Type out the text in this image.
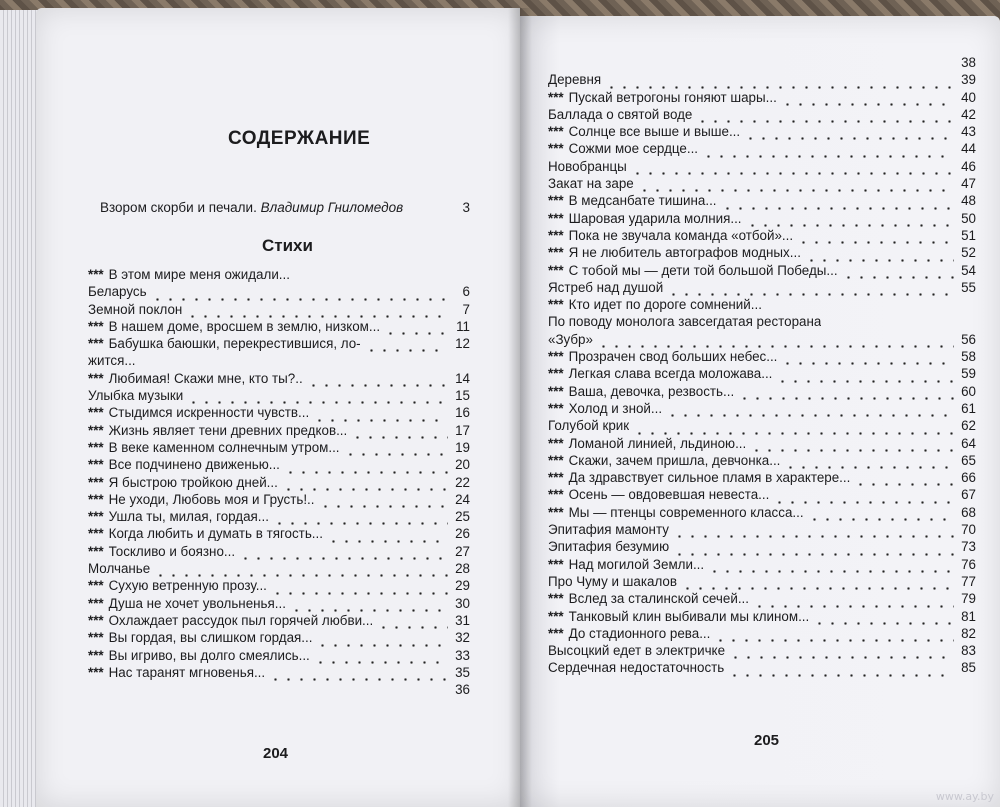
СОДЕРЖАНИЕ
Взором скорби и печали. Владимир Гниломедов	3
Стихи
*** В этом мире меня ожидали...
Беларусь	6
Земной поклон	7
*** В нашем доме, вросшем в землю, низком...	11
*** Бабушка баюшки, перекрестившися, ло-	12
жится...
*** Любимая! Скажи мне, кто ты?..	14
Улыбка музыки	15
*** Стыдимся искренности чувств...	16
*** Жизнь являет тени древних предков...	17
*** В веке каменном солнечным утром...	19
*** Все подчинено движенью...	20
*** Я быстрою тройкою дней...	22
*** Не уходи, Любовь моя и Грусть!..	24
*** Ушла ты, милая, гордая...	25
*** Когда любить и думать в тягость...	26
*** Тоскливо и боязно...	27
Молчанье	28
*** Сухую ветренную прозу...	29
*** Душа не хочет увольненья...	30
*** Охлаждает рассудок пыл горячей любви...	31
*** Вы гордая, вы слишком гордая...	32
*** Вы игриво, вы долго смеялись...	33
*** Нас таранят мгновенья...	35
36
38
Деревня	39
*** Пускай ветрогоны гоняют шары...	40
Баллада о святой воде	42
*** Солнце все выше и выше...	43
*** Сожми мое сердце...	44
Новобранцы	46
Закат на заре	47
*** В медсанбате тишина...	48
*** Шаровая ударила молния...	50
*** Пока не звучала команда «отбой»...	51
*** Я не любитель автографов модных...	52
*** С тобой мы — дети той большой Победы...	54
Ястреб над душой	55
*** Кто идет по дороге сомнений...
По поводу монолога завсегдатая ресторана
«Зубр»	56
*** Прозрачен свод больших небес...	58
*** Легкая слава всегда моложава...	59
*** Ваша, девочка, резвость...	60
*** Холод и зной...	61
Голубой крик	62
*** Ломаной линией, льдиною...	64
*** Скажи, зачем пришла, девчонка...	65
*** Да здравствует сильное пламя в характере...	66
*** Осень — овдовевшая невеста...	67
*** Мы — птенцы современного класса...	68
Эпитафия мамонту	70
Эпитафия безумию	73
*** Над могилой Земли...	76
Про Чуму и шакалов	77
*** Вслед за сталинской сечей...	79
*** Танковый клин выбивали мы клином...	81
*** До стадионного рева...	82
Высоцкий едет в электричке	83
Сердечная недостаточность	85
204
205
www.ay.by
